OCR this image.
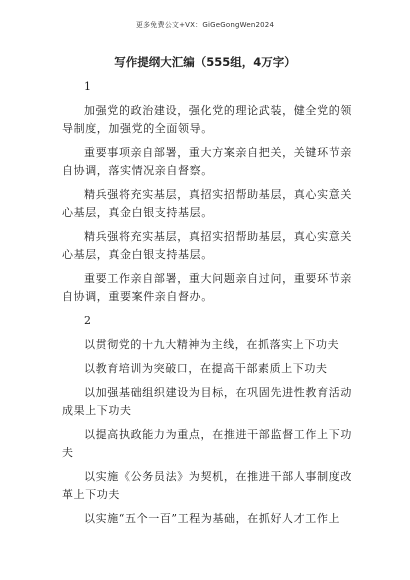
更多免费公文+VX：GiGeGongWen2024
写作提纲大汇编（555组，4万字）
1

加强党的政治建设，强化党的理论武装，健全党的领导制度，加强党的全面领导。

重要事项亲自部署，重大方案亲自把关，关键环节亲自协调，落实情况亲自督察。

精兵强将充实基层，真招实招帮助基层，真心实意关心基层，真金白银支持基层。

精兵强将充实基层，真招实招帮助基层，真心实意关心基层，真金白银支持基层。

重要工作亲自部署，重大问题亲自过问，重要环节亲自协调，重要案件亲自督办。

2

以贯彻党的十九大精神为主线，在抓落实上下功夫

以教育培训为突破口，在提高干部素质上下功夫

以加强基础组织建设为目标，在巩固先进性教育活动成果上下功夫

以提高执政能力为重点，在推进干部监督工作上下功夫

以实施《公务员法》为契机，在推进干部人事制度改革上下功夫

以实施“五个一百”工程为基础，在抓好人才工作上
